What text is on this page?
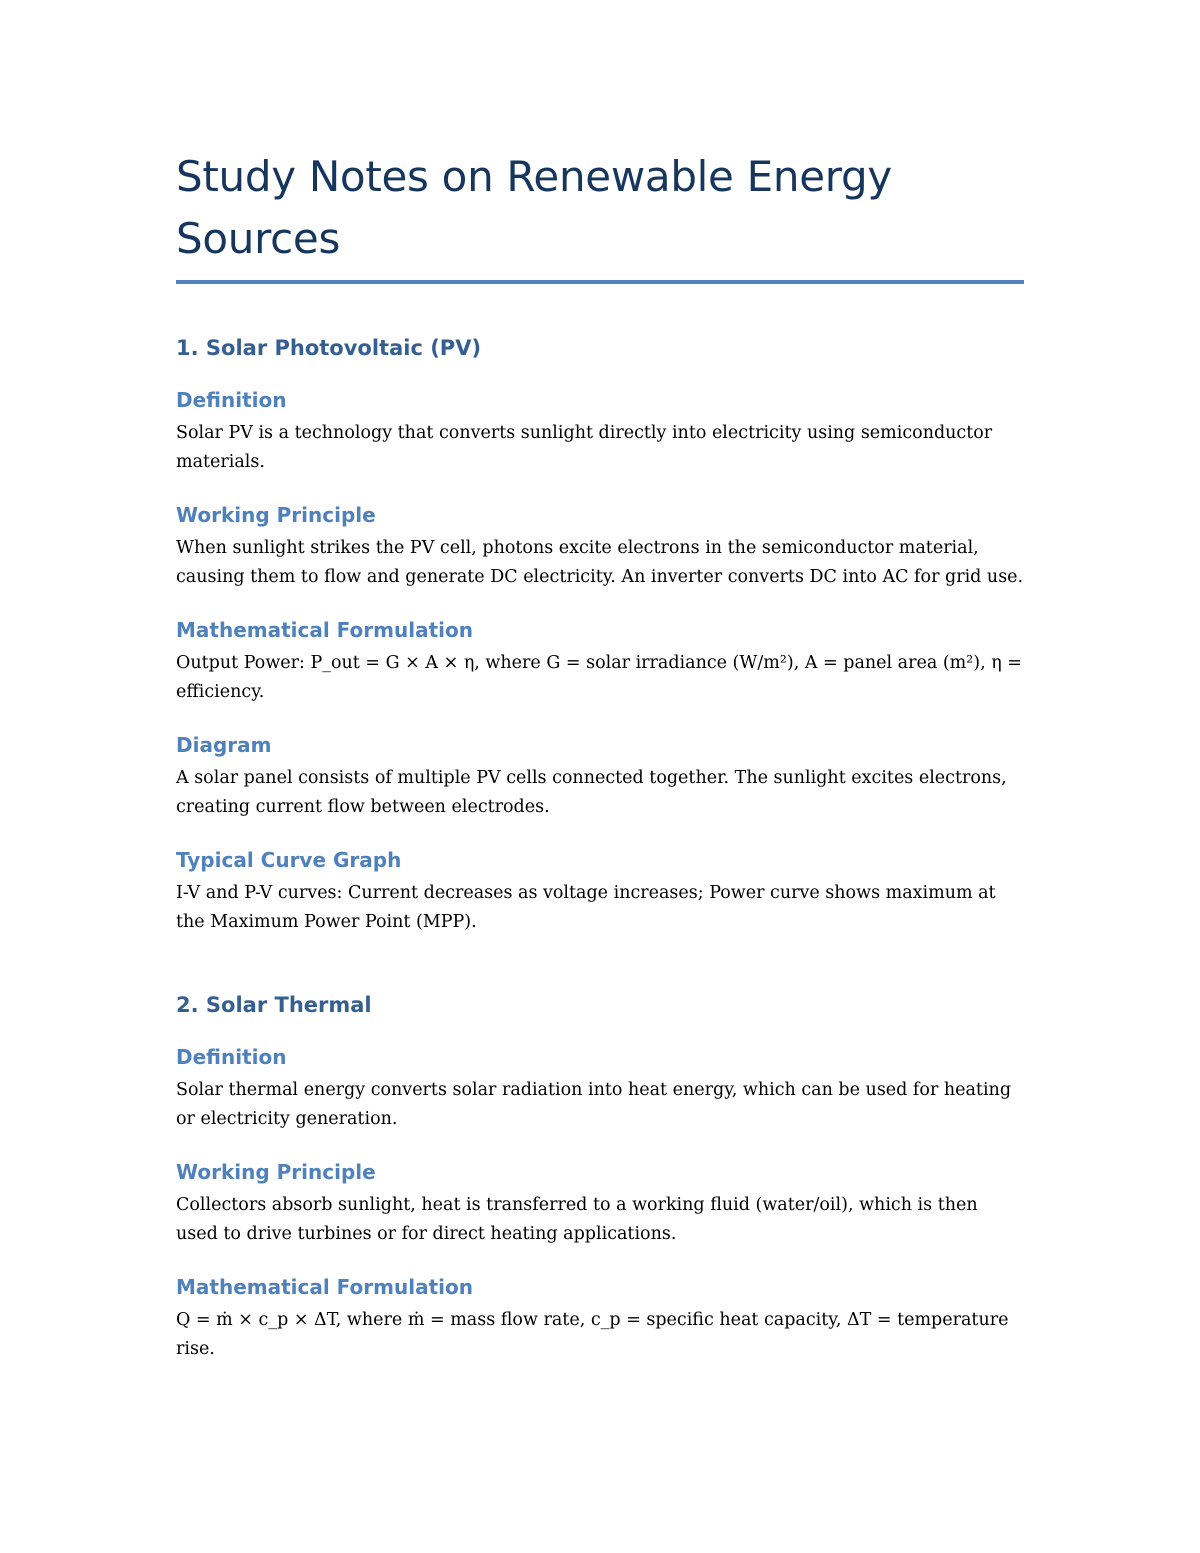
Study Notes on Renewable Energy Sources
1. Solar Photovoltaic (PV)
Definition

Solar PV is a technology that converts sunlight directly into electricity using semiconductor materials.

Working Principle

When sunlight strikes the PV cell, photons excite electrons in the semiconductor material, causing them to flow and generate DC electricity. An inverter converts DC into AC for grid use.

Mathematical Formulation

Output Power: P_out = G × A × η, where G = solar irradiance (W/m²), A = panel area (m²), η = efficiency.

Diagram

A solar panel consists of multiple PV cells connected together. The sunlight excites electrons, creating current flow between electrodes.

Typical Curve Graph

I-V and P-V curves: Current decreases as voltage increases; Power curve shows maximum at the Maximum Power Point (MPP).

2. Solar Thermal
Definition

Solar thermal energy converts solar radiation into heat energy, which can be used for heating or electricity generation.

Working Principle

Collectors absorb sunlight, heat is transferred to a working fluid (water/oil), which is then used to drive turbines or for direct heating applications.

Mathematical Formulation

Q = ṁ × c_p × ΔT, where ṁ = mass flow rate, c_p = specific heat capacity, ΔT = temperature rise.
